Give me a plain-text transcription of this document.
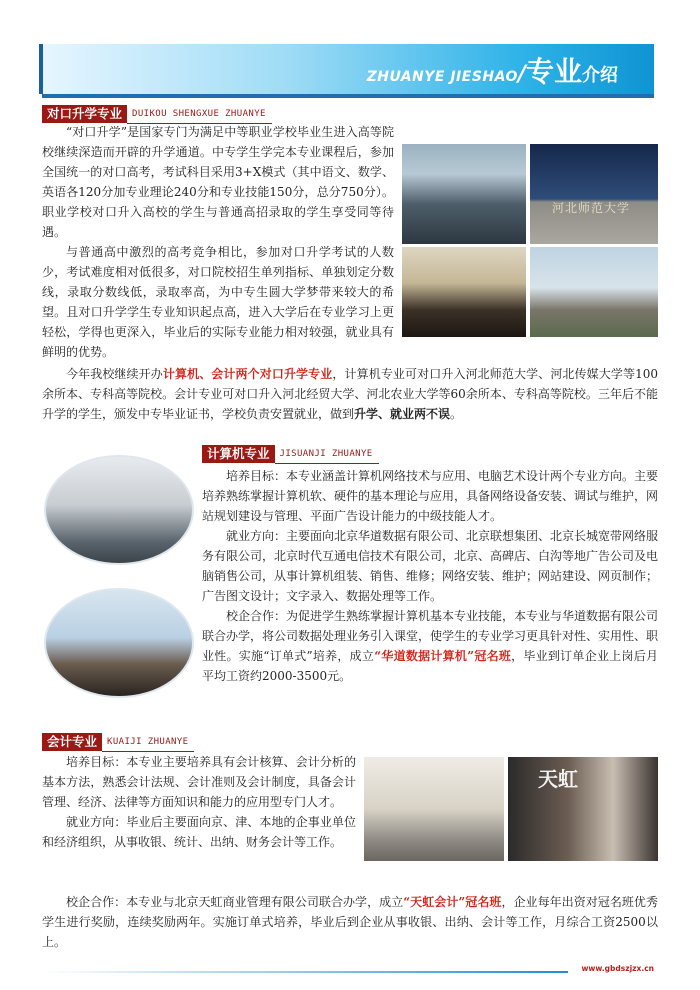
ZHUANYE JIESHAO/专业介绍
对口升学专业	DUIKOU SHENGXUE ZHUANYE

“对口升学”是国家专门为满足中等职业学校毕业生进入高等院校继续深造而开辟的升学通道。中专学生学完本专业课程后，参加全国统一的对口高考，考试科目采用3+X模式（其中语文、数学、英语各120分加专业理论240分和专业技能150分，总分750分）。职业学校对口升入高校的学生与普通高招录取的学生享受同等待遇。

与普通高中激烈的高考竞争相比，参加对口升学考试的人数少，考试难度相对低很多，对口院校招生单列指标、单独划定分数线，录取分数线低，录取率高，为中专生圆大学梦带来较大的希望。且对口升学学生专业知识起点高，进入大学后在专业学习上更轻松，学得也更深入，毕业后的实际专业能力相对较强，就业具有鲜明的优势。

河北师范大学

今年我校继续开办计算机、会计两个对口升学专业，计算机专业可对口升入河北师范大学、河北传媒大学等100余所本、专科高等院校。会计专业可对口升入河北经贸大学、河北农业大学等60余所本、专科高等院校。三年后不能升学的学生，颁发中专毕业证书，学校负责安置就业，做到升学、就业两不误。

计算机专业	JISUANJI ZHUANYE

培养目标：本专业涵盖计算机网络技术与应用、电脑艺术设计两个专业方向。主要培养熟练掌握计算机软、硬件的基本理论与应用，具备网络设备安装、调试与维护，网站规划建设与管理、平面广告设计能力的中级技能人才。

就业方向：主要面向北京华道数据有限公司、北京联想集团、北京长城宽带网络服务有限公司，北京时代互通电信技术有限公司，北京、高碑店、白沟等地广告公司及电脑销售公司，从事计算机组装、销售、维修；网络安装、维护；网站建设、网页制作；广告图文设计；文字录入、数据处理等工作。

校企合作：为促进学生熟练掌握计算机基本专业技能，本专业与华道数据有限公司联合办学，将公司数据处理业务引入课堂，使学生的专业学习更具针对性、实用性、职业性。实施“订单式”培养，成立“华道数据计算机”冠名班，毕业到订单企业上岗后月平均工资约2000-3500元。

会计专业	KUAIJI ZHUANYE

培养目标：本专业主要培养具有会计核算、会计分析的基本方法，熟悉会计法规、会计准则及会计制度，具备会计管理、经济、法律等方面知识和能力的应用型专门人才。

就业方向：毕业后主要面向京、津、本地的企事业单位和经济组织，从事收银、统计、出纳、财务会计等工作。

天虹

校企合作：本专业与北京天虹商业管理有限公司联合办学，成立“天虹会计”冠名班，企业每年出资对冠名班优秀学生进行奖励，连续奖励两年。实施订单式培养，毕业后到企业从事收银、出纳、会计等工作，月综合工资2500以上。

www.gbdszjzx.cn
